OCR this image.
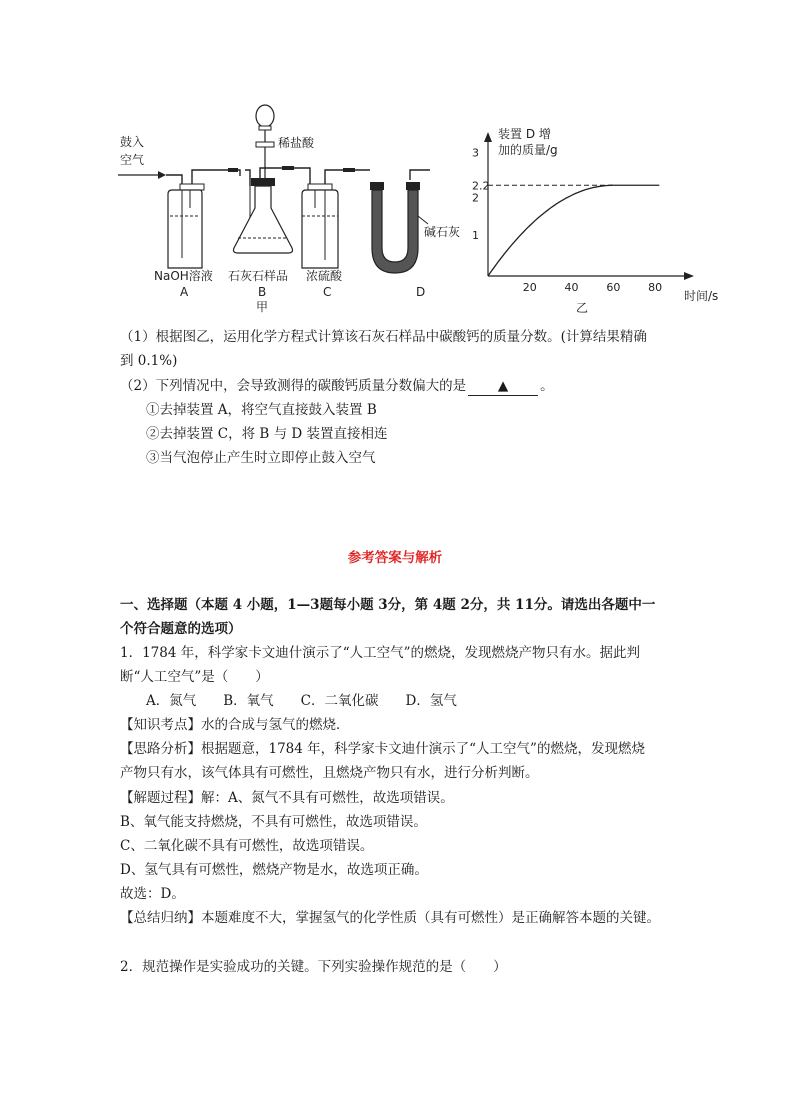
鼓入
空气
碱石灰
稀盐酸
NaOH溶液 石灰石样品 浓硫酸
A	B	C	D
甲
装置 D 增
加的质量/g
时间/s
乙
1
2
2.2
3
20	40	60	80
（1）根据图乙，运用化学方程式计算该石灰石样品中碳酸钙的质量分数。(计算结果精确
到 0.1%)
（2）下列情况中，会导致测得的碳酸钙质量分数偏大的是 ▲ 。
①去掉装置 A，将空气直接鼓入装置 B
②去掉装置 C，将 B 与 D 装置直接相连
③当气泡停止产生时立即停止鼓入空气
参考答案与解析
一、选择题（本题 4 小题，1—3题每小题 3分，第 4题 2分，共 11分。请选出各题中一
个符合题意的选项）
1．1784 年，科学家卡文迪什演示了“人工空气”的燃烧，发现燃烧产物只有水。据此判
断“人工空气”是（　　）
A．氮气　　B．氧气　　C．二氧化碳　　D．氢气
【知识考点】水的合成与氢气的燃烧．
【思路分析】根据题意，1784 年，科学家卡文迪什演示了“人工空气”的燃烧，发现燃烧
产物只有水，该气体具有可燃性，且燃烧产物只有水，进行分析判断。
【解题过程】解：A、氮气不具有可燃性，故选项错误。
B、氧气能支持燃烧，不具有可燃性，故选项错误。
C、二氧化碳不具有可燃性，故选项错误。
D、氢气具有可燃性，燃烧产物是水，故选项正确。
故选：D。
【总结归纳】本题难度不大，掌握氢气的化学性质（具有可燃性）是正确解答本题的关键。
2．规范操作是实验成功的关键。下列实验操作规范的是（　　）
